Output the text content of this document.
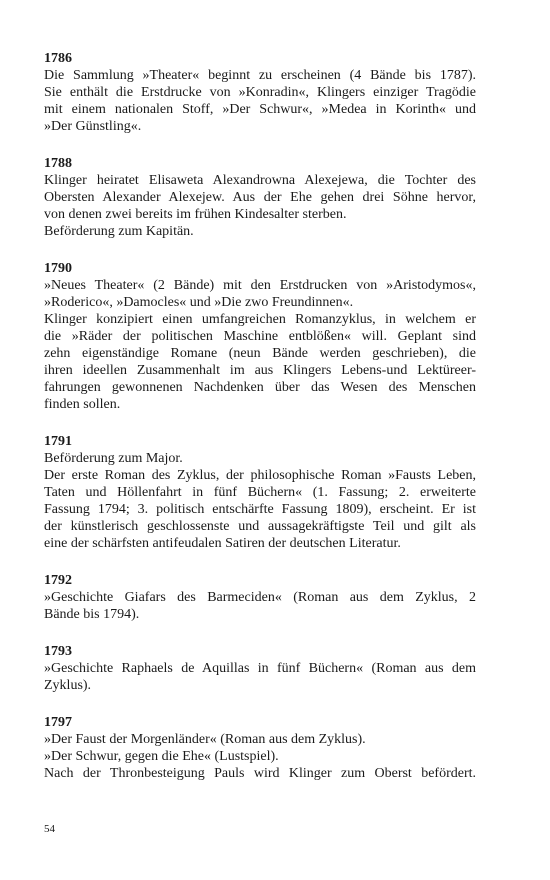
1786

Die Sammlung »Theater« beginnt zu erscheinen (4 Bände bis 1787).

Sie enthält die Erstdrucke von »Konradin«, Klingers einziger Tragödie

mit einem nationalen Stoff, »Der Schwur«, »Medea in Korinth« und

»Der Günstling«.

1788

Klinger heiratet Elisaweta Alexandrowna Alexejewa, die Tochter des

Obersten Alexander Alexejew. Aus der Ehe gehen drei Söhne hervor,

von denen zwei bereits im frühen Kindesalter sterben.

Beförderung zum Kapitän.

1790

»Neues Theater« (2 Bände) mit den Erstdrucken von »Aristodymos«,

»Roderico«, »Damocles« und »Die zwo Freundinnen«.

Klinger konzipiert einen umfangreichen Romanzyklus, in welchem er

die »Räder der politischen Maschine entblößen« will. Geplant sind

zehn eigenständige Romane (neun Bände werden geschrieben), die

ihren ideellen Zusammenhalt im aus Klingers Lebens-und Lektüreer-

fahrungen gewonnenen Nachdenken über das Wesen des Menschen

finden sollen.

1791

Beförderung zum Major.

Der erste Roman des Zyklus, der philosophische Roman »Fausts Leben,

Taten und Höllenfahrt in fünf Büchern« (1. Fassung; 2. erweiterte

Fassung 1794; 3. politisch entschärfte Fassung 1809), erscheint. Er ist

der künstlerisch geschlossenste und aussagekräftigste Teil und gilt als

eine der schärfsten antifeudalen Satiren der deutschen Literatur.

1792

»Geschichte Giafars des Barmeciden« (Roman aus dem Zyklus, 2

Bände bis 1794).

1793

»Geschichte Raphaels de Aquillas in fünf Büchern« (Roman aus dem

Zyklus).

1797

»Der Faust der Morgenländer« (Roman aus dem Zyklus).

»Der Schwur, gegen die Ehe« (Lustspiel).

Nach der Thronbesteigung Pauls wird Klinger zum Oberst befördert.

54
